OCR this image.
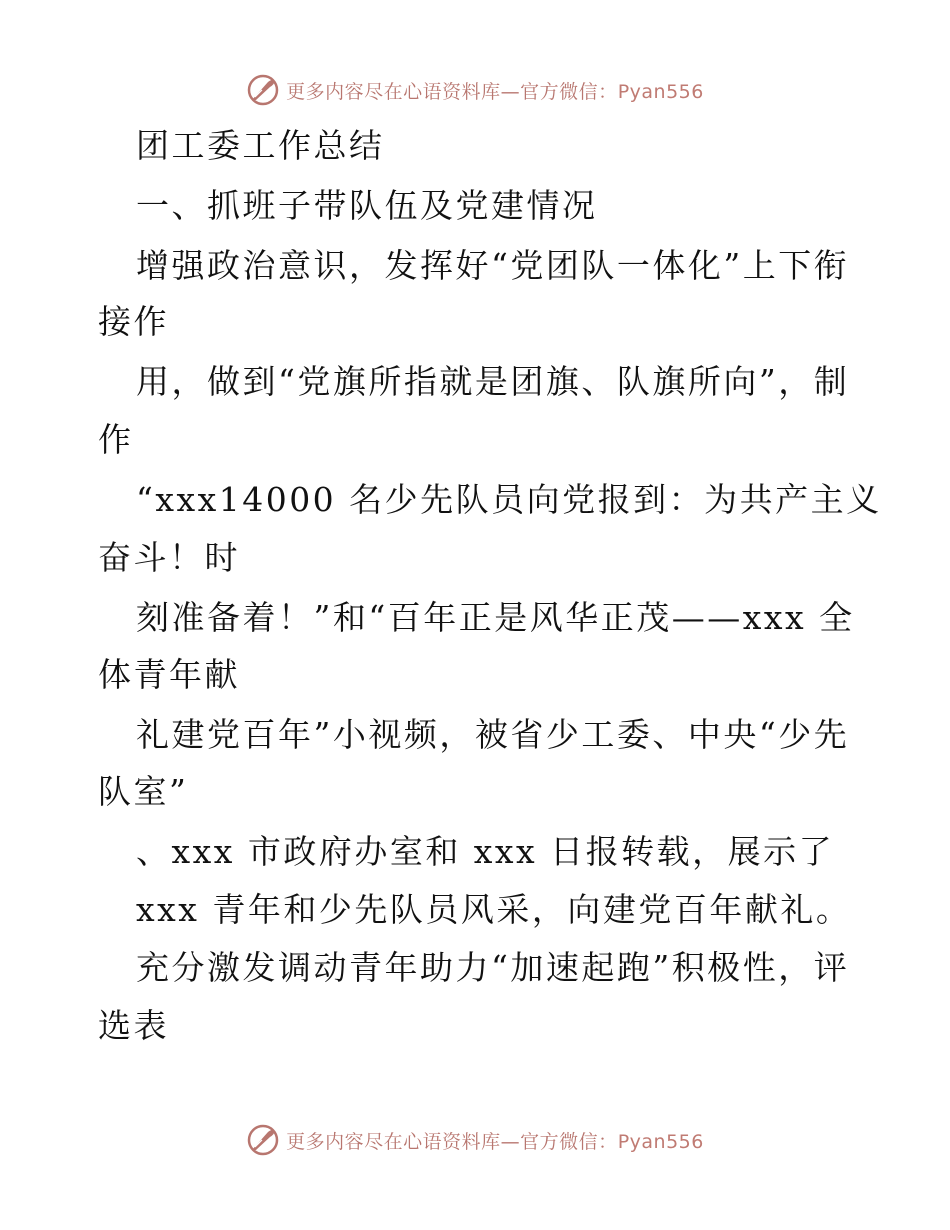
更多内容尽在心语资料库—官方微信：Pyan556
团工委工作总结
一、抓班子带队伍及党建情况
增强政治意识，发挥好“党团队一体化”上下衔
接作
用，做到“党旗所指就是团旗、队旗所向”，制
作
“xxx14000 名少先队员向党报到：为共产主义
奋斗！时
刻准备着！”和“百年正是风华正茂——xxx 全
体青年献
礼建党百年”小视频，被省少工委、中央“少先
队室”
、xxx 市政府办室和 xxx 日报转载，展示了
xxx 青年和少先队员风采，向建党百年献礼。
充分激发调动青年助力“加速起跑”积极性，评
选表
更多内容尽在心语资料库—官方微信：Pyan556
